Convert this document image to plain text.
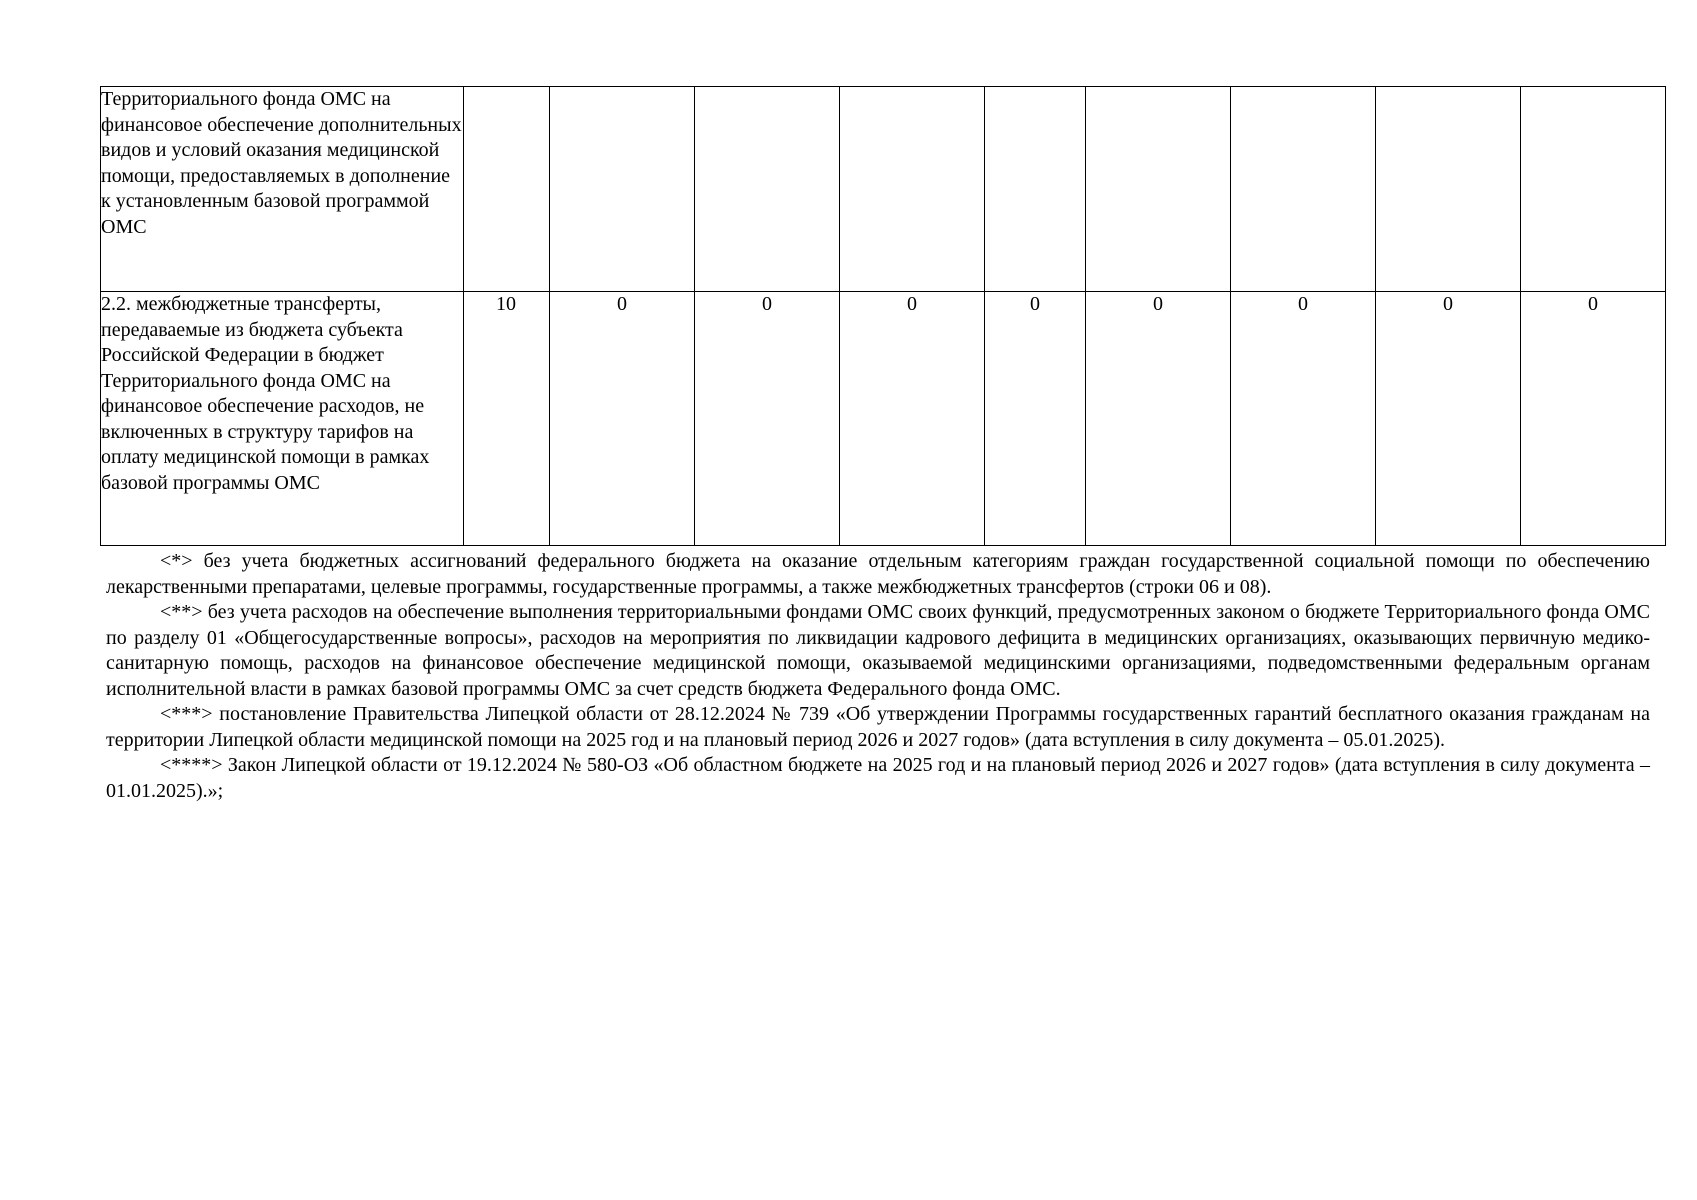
Территориального фонда ОМС на финансовое обеспечение дополнительных видов и условий оказания медицинской помощи, предоставляемых в дополнение к установленным базовой программой ОМС									
2.2. межбюджетные трансферты, передаваемые из бюджета субъекта Российской Федерации в бюджет Территориального фонда ОМС на финансовое обеспечение расходов, не включенных в структуру тарифов на оплату медицинской помощи в рамках базовой программы ОМС	10	0	0	0	0	0	0	0	0

<*> без учета бюджетных ассигнований федерального бюджета на оказание отдельным категориям граждан государственной социальной помощи по обеспечению лекарственными препаратами, целевые программы, государственные программы, а также межбюджетных трансфертов (строки 06 и 08).

<**> без учета расходов на обеспечение выполнения территориальными фондами ОМС своих функций, предусмотренных законом о бюджете Территориального фонда ОМС по разделу 01 «Общегосударственные вопросы», расходов на мероприятия по ликвидации кадрового дефицита в медицинских организациях, оказывающих первичную медико-санитарную помощь, расходов на финансовое обеспечение медицинской помощи, оказываемой медицинскими организациями, подведомственными федеральным органам исполнительной власти в рамках базовой программы ОМС за счет средств бюджета Федерального фонда ОМС.

<***> постановление Правительства Липецкой области от 28.12.2024 № 739 «Об утверждении Программы государственных гарантий бесплатного оказания гражданам на территории Липецкой области медицинской помощи на 2025 год и на плановый период 2026 и 2027 годов» (дата вступления в силу документа – 05.01.2025).

<****> Закон Липецкой области от 19.12.2024 № 580-ОЗ «Об областном бюджете на 2025 год и на плановый период 2026 и 2027 годов» (дата вступления в силу документа – 01.01.2025).»;
